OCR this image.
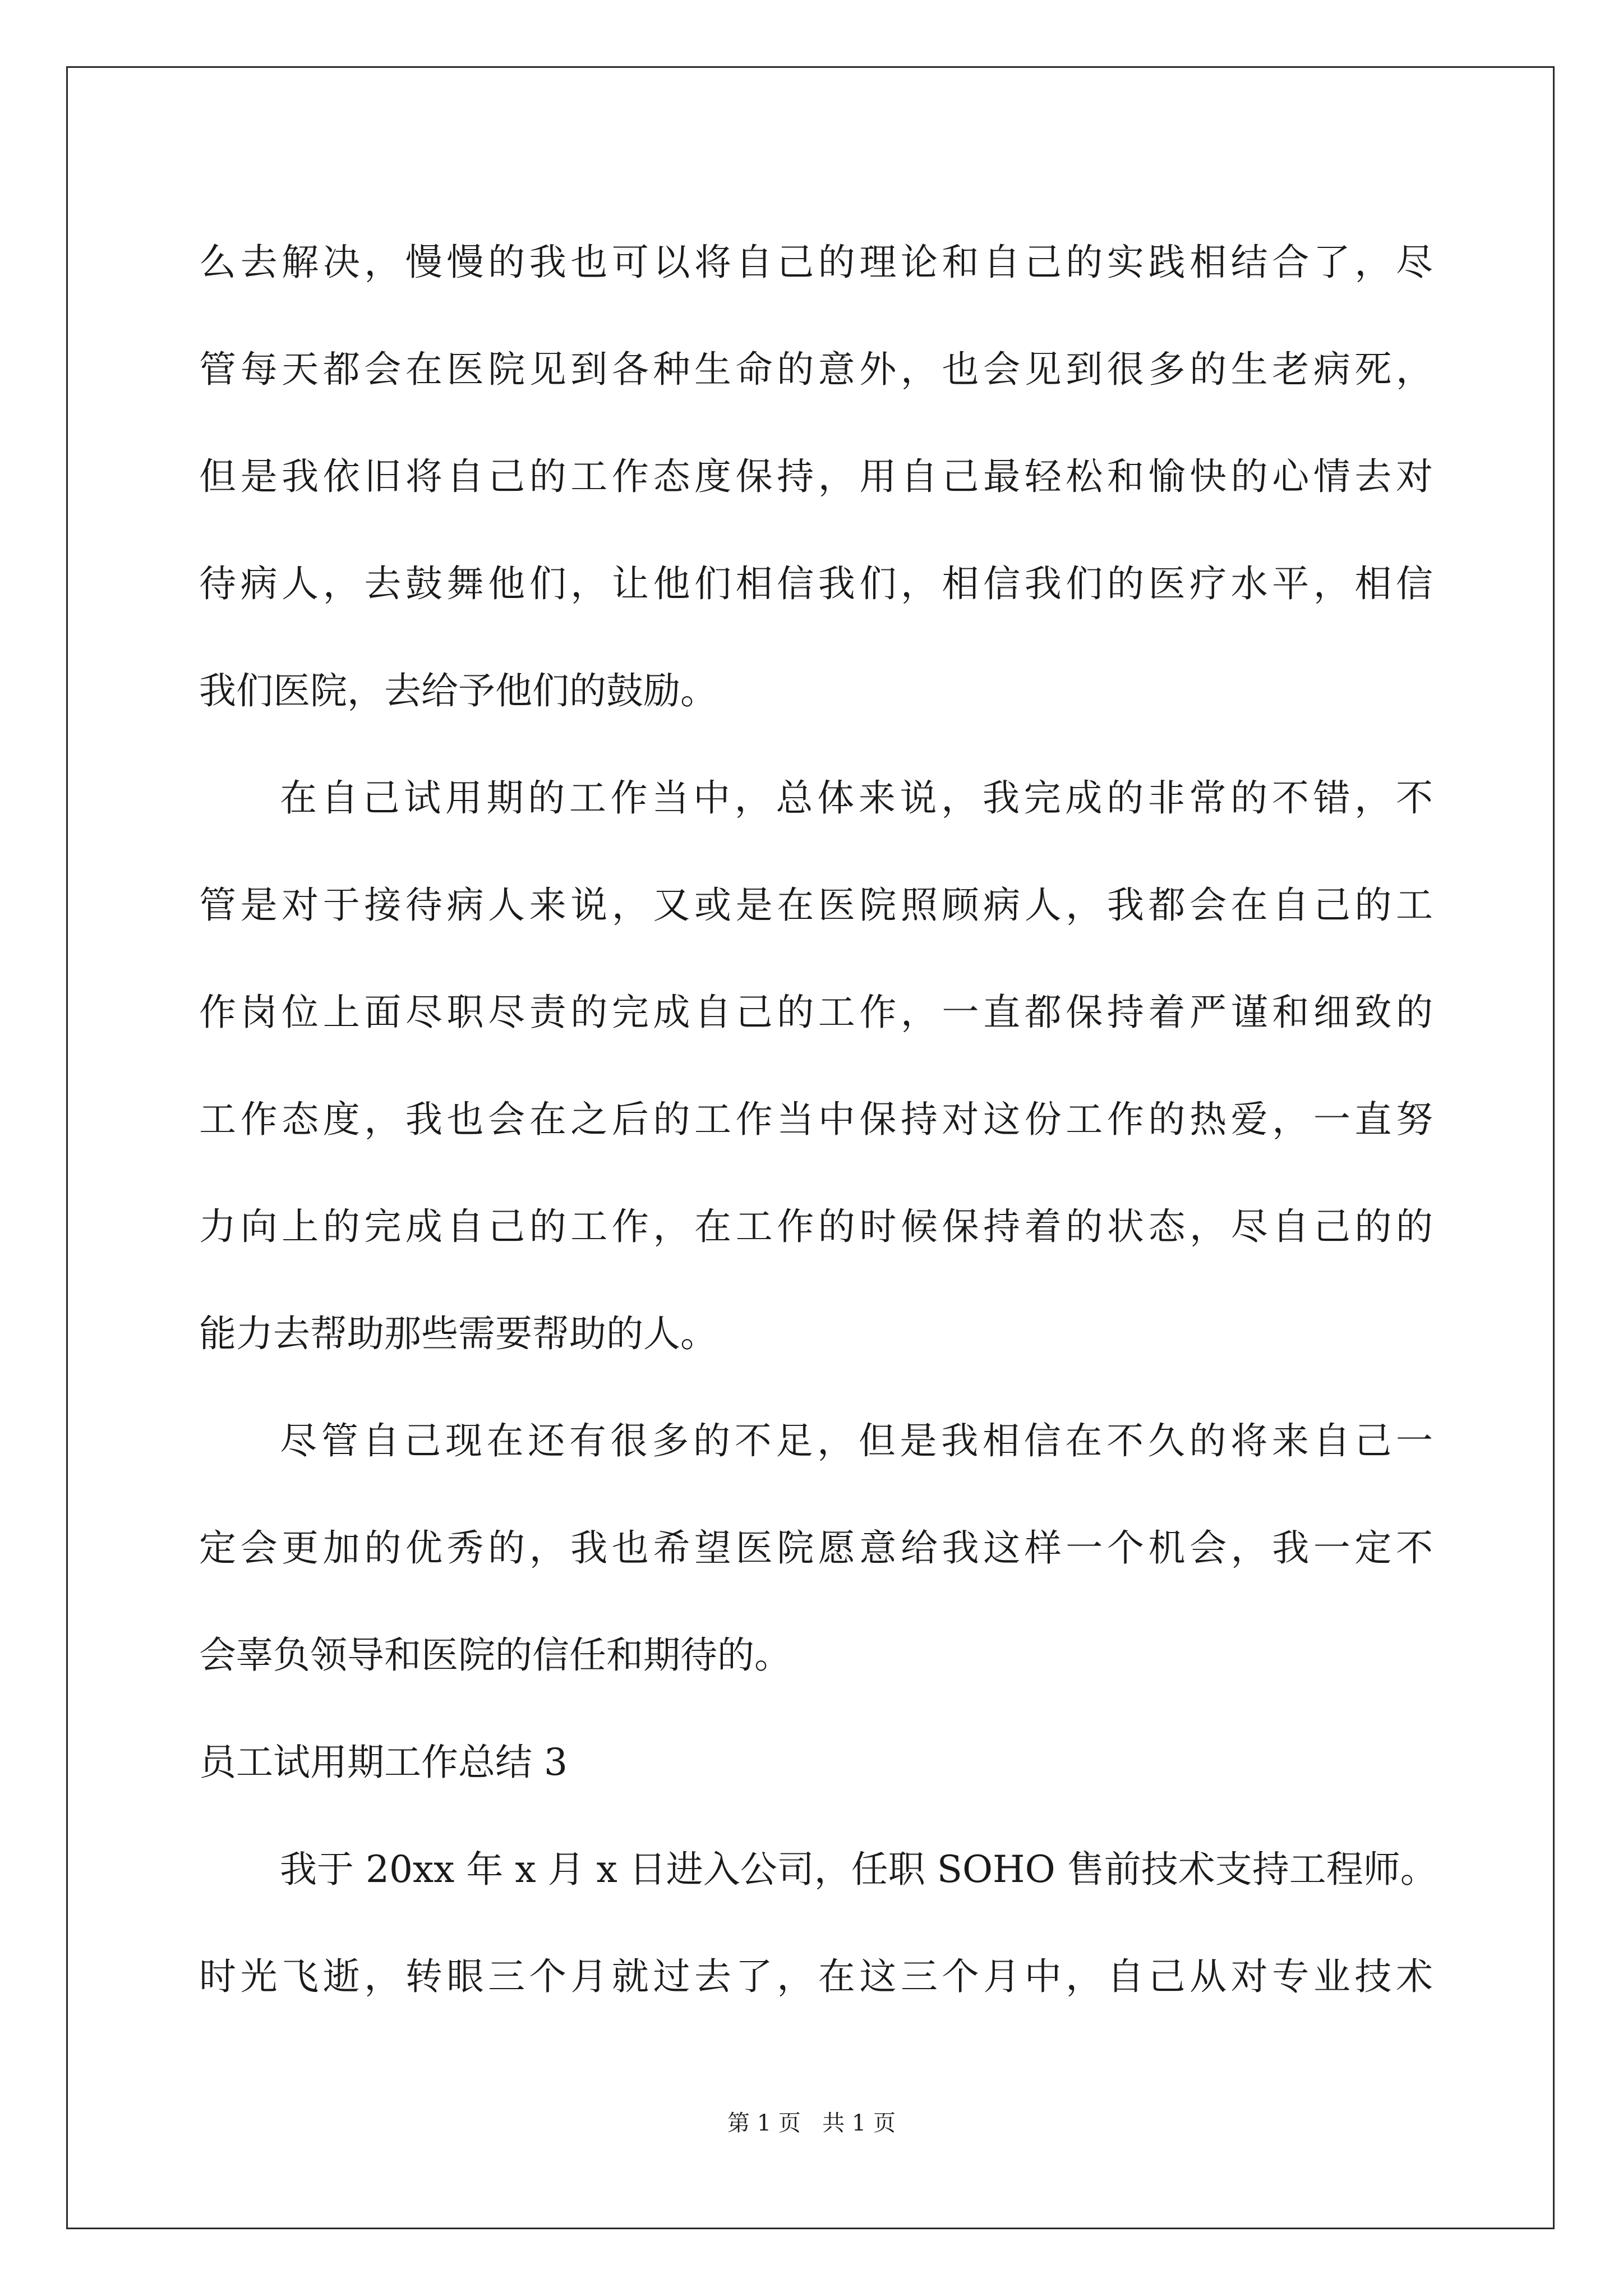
么去解决，慢慢的我也可以将自己的理论和自己的实践相结合了，尽
管每天都会在医院见到各种生命的意外，也会见到很多的生老病死，
但是我依旧将自己的工作态度保持，用自己最轻松和愉快的心情去对
待病人，去鼓舞他们，让他们相信我们，相信我们的医疗水平，相信
我们医院，去给予他们的鼓励。
在自己试用期的工作当中，总体来说，我完成的非常的不错，不
管是对于接待病人来说，又或是在医院照顾病人，我都会在自己的工
作岗位上面尽职尽责的完成自己的工作，一直都保持着严谨和细致的
工作态度，我也会在之后的工作当中保持对这份工作的热爱，一直努
力向上的完成自己的工作，在工作的时候保持着的状态，尽自己的的
能力去帮助那些需要帮助的人。
尽管自己现在还有很多的不足，但是我相信在不久的将来自己一
定会更加的优秀的，我也希望医院愿意给我这样一个机会，我一定不
会辜负领导和医院的信任和期待的。
员工试用期工作总结 3
我于 20xx 年 x 月 x 日进入公司，任职 SOHO 售前技术支持工程师。
时光飞逝，转眼三个月就过去了，在这三个月中，自己从对专业技术
第 1 页 共 1 页
